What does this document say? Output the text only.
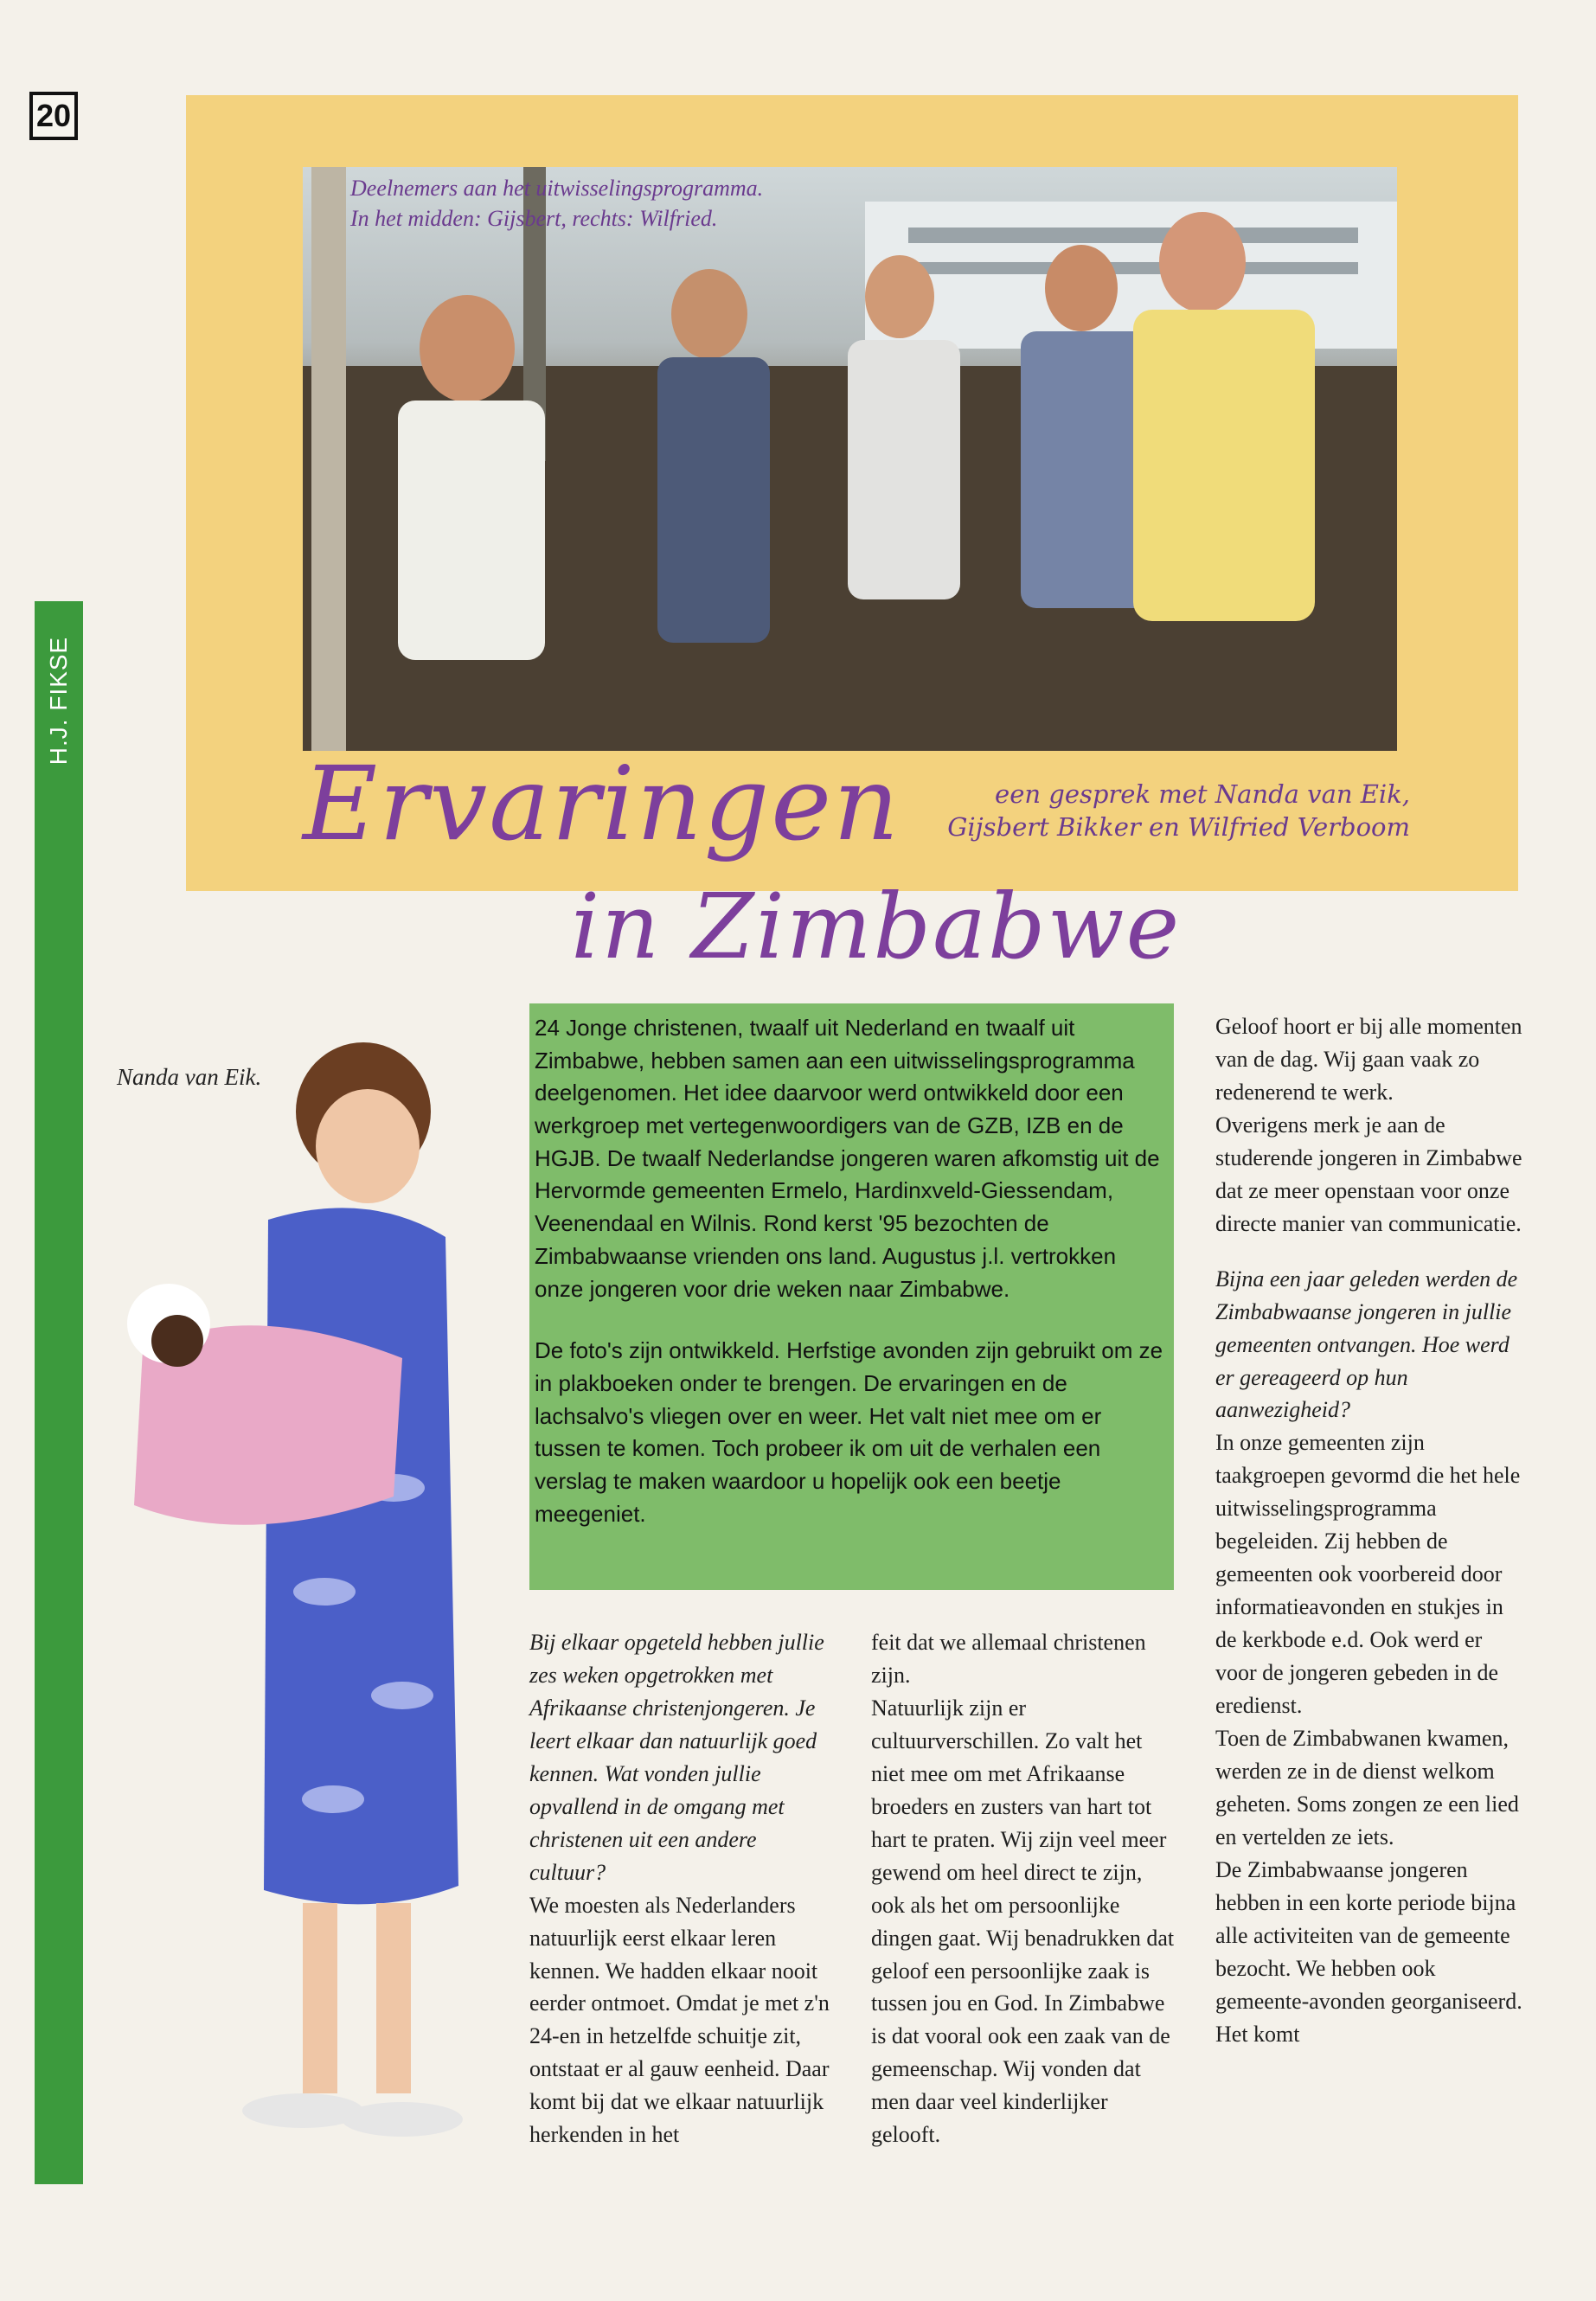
20
H.J. FIKSE
Deelnemers aan het uitwisselingsprogramma.
In het midden: Gijsbert, rechts: Wilfried.
Ervaringen	een gesprek met Nanda van Eik,
Gijsbert Bikker en Wilfried Verboom
in Zimbabwe
Nanda van Eik.

24 Jonge christenen, twaalf uit Nederland en twaalf uit Zimbabwe, hebben samen aan een uitwisselingsprogramma deelgenomen. Het idee daarvoor werd ontwikkeld door een werkgroep met vertegenwoordigers van de GZB, IZB en de HGJB. De twaalf Nederlandse jongeren waren afkomstig uit de Hervormde gemeenten Ermelo, Hardinxveld-Giessendam, Veenendaal en Wilnis. Rond kerst '95 bezochten de Zimbabwaanse vrienden ons land. Augustus j.l. vertrokken onze jongeren voor drie weken naar Zimbabwe.

De foto's zijn ontwikkeld. Herfstige avonden zijn gebruikt om ze in plakboeken onder te brengen. De ervaringen en de lachsalvo's vliegen over en weer. Het valt niet mee om er tussen te komen. Toch probeer ik om uit de verhalen een verslag te maken waardoor u hopelijk ook een beetje meegeniet.

Bij elkaar opgeteld hebben jullie zes weken opgetrokken met Afrikaanse christenjongeren. Je leert elkaar dan natuurlijk goed kennen. Wat vonden jullie opvallend in de omgang met christenen uit een andere cultuur?

We moesten als Nederlanders natuurlijk eerst elkaar leren kennen. We hadden elkaar nooit eerder ontmoet. Omdat je met z'n 24-en in hetzelfde schuitje zit, ontstaat er al gauw eenheid. Daar komt bij dat we elkaar natuurlijk herkenden in het

feit dat we allemaal christenen zijn.

Natuurlijk zijn er cultuurverschillen. Zo valt het niet mee om met Afrikaanse broeders en zusters van hart tot hart te praten. Wij zijn veel meer gewend om heel direct te zijn, ook als het om persoonlijke dingen gaat. Wij benadrukken dat geloof een persoonlijke zaak is tussen jou en God. In Zimbabwe is dat vooral ook een zaak van de gemeenschap. Wij vonden dat men daar veel kinderlijker gelooft.

Geloof hoort er bij alle momenten van de dag. Wij gaan vaak zo redenerend te werk.

Overigens merk je aan de studerende jongeren in Zimbabwe dat ze meer openstaan voor onze directe manier van communicatie.

Bijna een jaar geleden werden de Zimbabwaanse jongeren in jullie gemeenten ontvangen. Hoe werd er gereageerd op hun aanwezigheid?

In onze gemeenten zijn taakgroepen gevormd die het hele uitwisselingsprogramma begeleiden. Zij hebben de gemeenten ook voorbereid door informatieavonden en stukjes in de kerkbode e.d. Ook werd er voor de jongeren gebeden in de eredienst.

Toen de Zimbabwanen kwamen, werden ze in de dienst welkom geheten. Soms zongen ze een lied en vertelden ze iets.

De Zimbabwaanse jongeren hebben in een korte periode bijna alle activiteiten van de gemeente bezocht. We hebben ook gemeente-avonden georganiseerd. Het komt
